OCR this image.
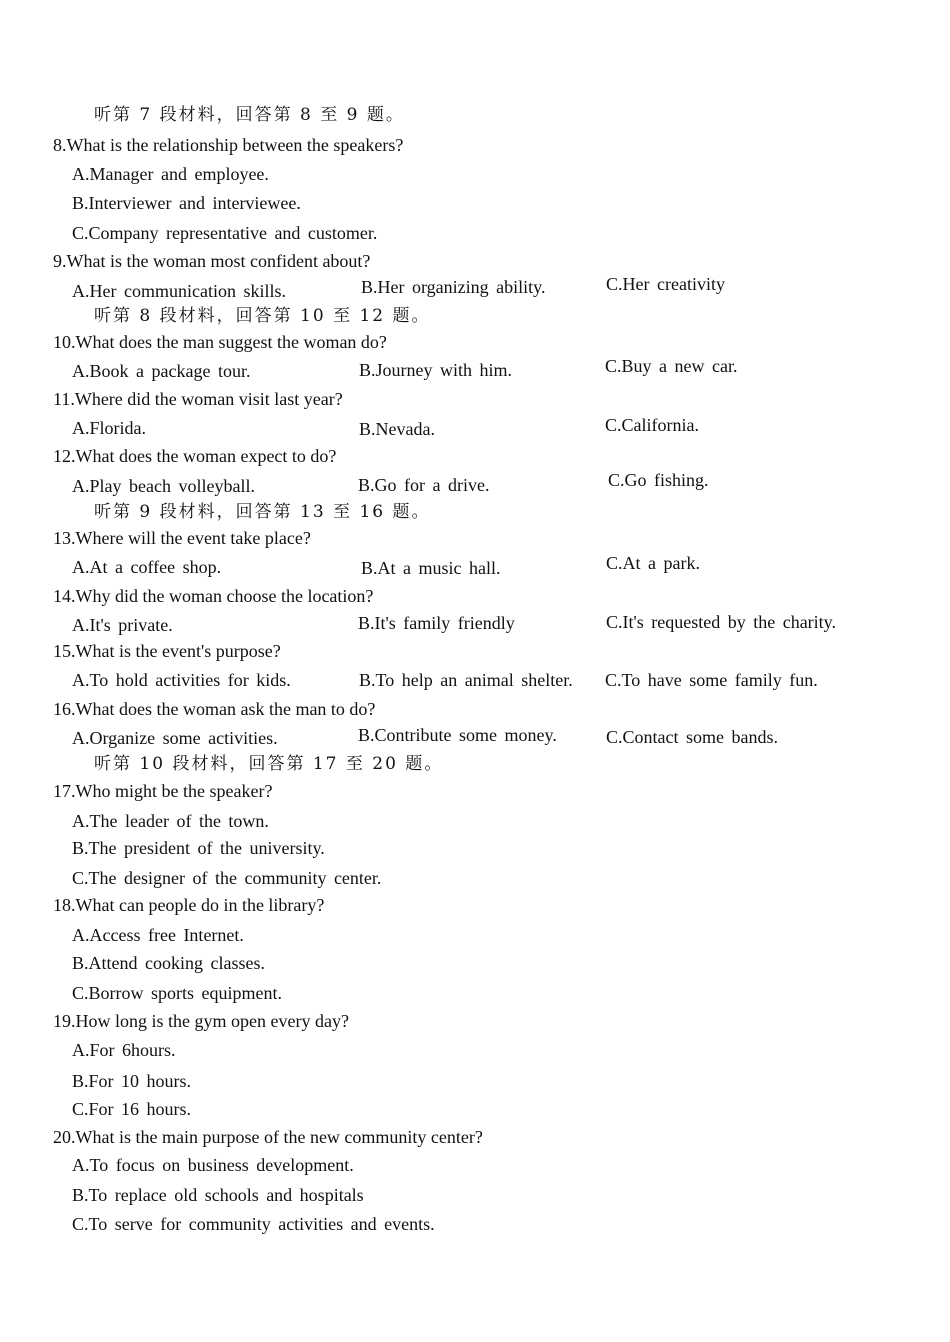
听第 7 段材料，回答第 8 至 9 题。
8.What is the relationship between the speakers?
A.Manager and employee.
B.Interviewer and interviewee.
C.Company representative and customer.
9.What is the woman most confident about?
A.Her communication skills.	B.Her organizing ability.	C.Her creativity
听第 8 段材料，回答第 10 至 12 题。
10.What does the man suggest the woman do?
A.Book a package tour.	B.Journey with him.	C.Buy a new car.
11.Where did the woman visit last year?
A.Florida.	B.Nevada.	C.California.
12.What does the woman expect to do?
A.Play beach volleyball.	B.Go for a drive.	C.Go fishing.
听第 9 段材料，回答第 13 至 16 题。
13.Where will the event take place?
A.At a coffee shop.	B.At a music hall.	C.At a park.
14.Why did the woman choose the location?
A.It's private.	B.It's family friendly	C.It's requested by the charity.
15.What is the event's purpose?
A.To hold activities for kids.	B.To help an animal shelter. C.To have some family fun.
16.What does the woman ask the man to do?
A.Organize some activities.	B.Contribute some money.	C.Contact some bands.
听第 10 段材料，回答第 17 至 20 题。
17.Who might be the speaker?
A.The leader of the town.
B.The president of the university.
C.The designer of the community center.
18.What can people do in the library?
A.Access free Internet.
B.Attend cooking classes.
C.Borrow sports equipment.
19.How long is the gym open every day?
A.For 6hours.
B.For 10 hours.
C.For 16 hours.
20.What is the main purpose of the new community center?
A.To focus on business development.
B.To replace old schools and hospitals
C.To serve for community activities and events.
